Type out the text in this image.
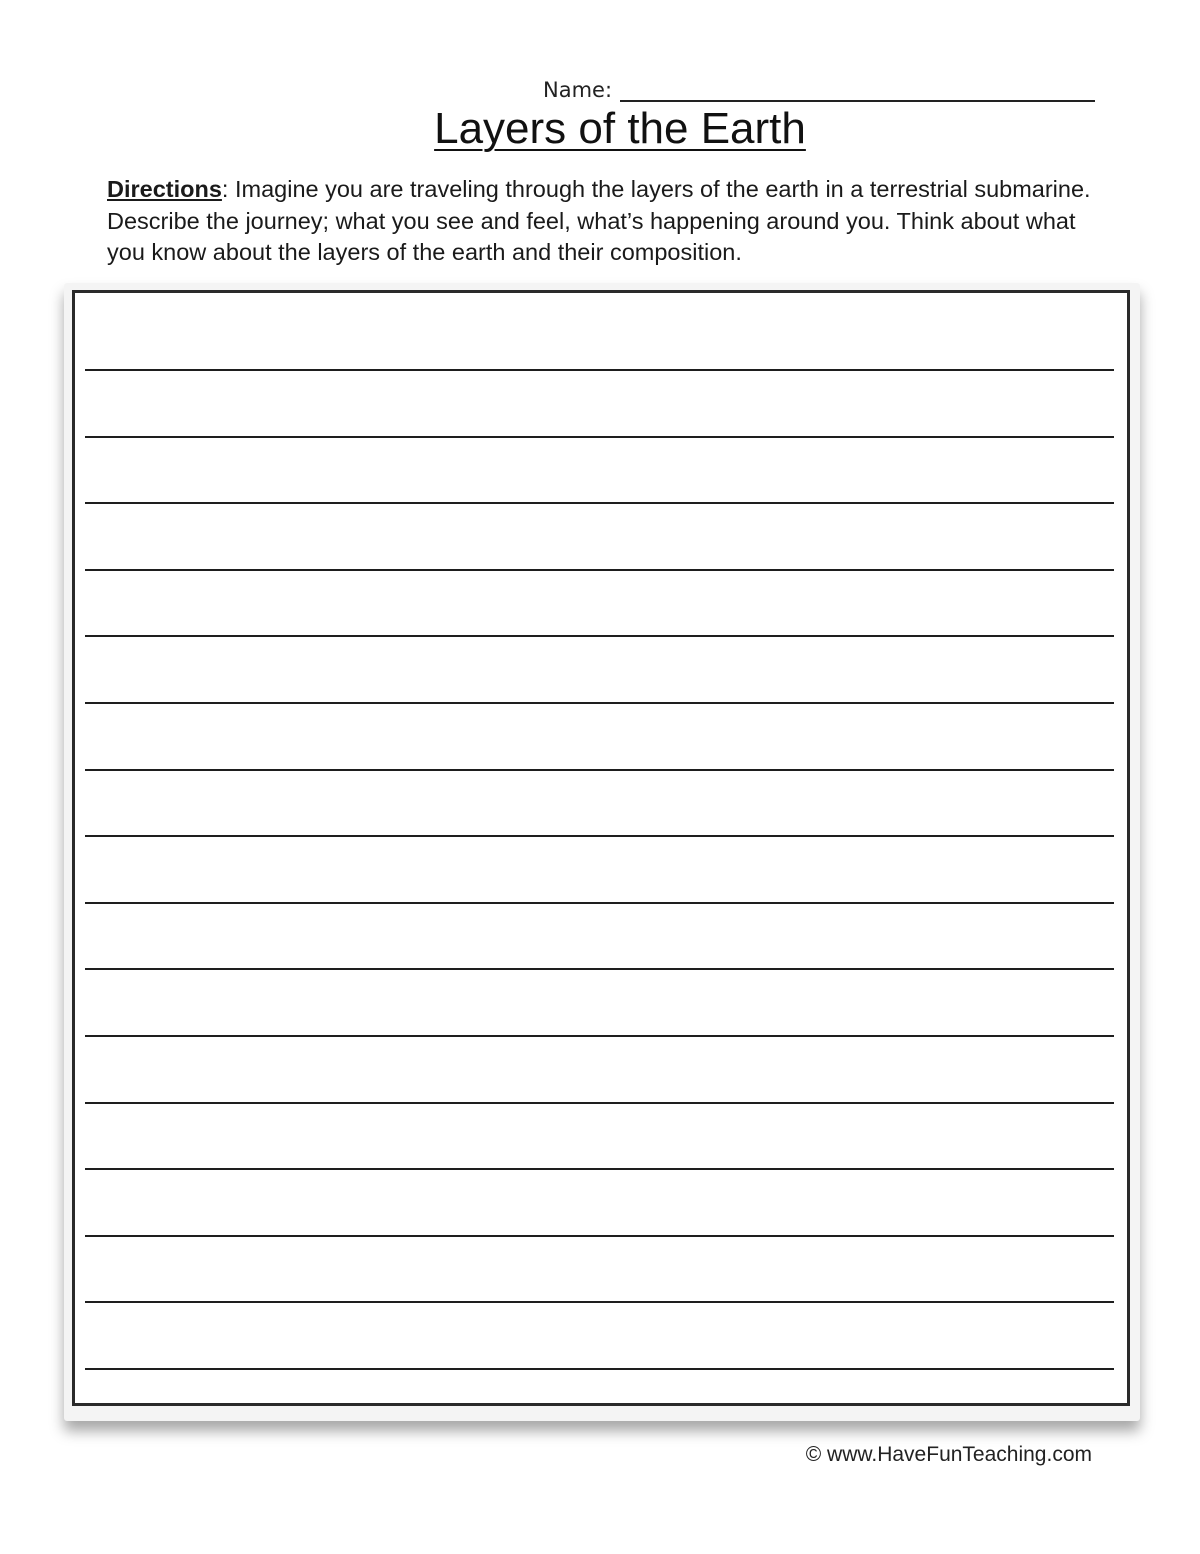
Name:
Layers of the Earth

Directions: Imagine you are traveling through the layers of the earth in a terrestrial submarine. Describe the journey; what you see and feel, what’s happening around you. Think about what you know about the layers of the earth and their composition.

© www.HaveFunTeaching.com
